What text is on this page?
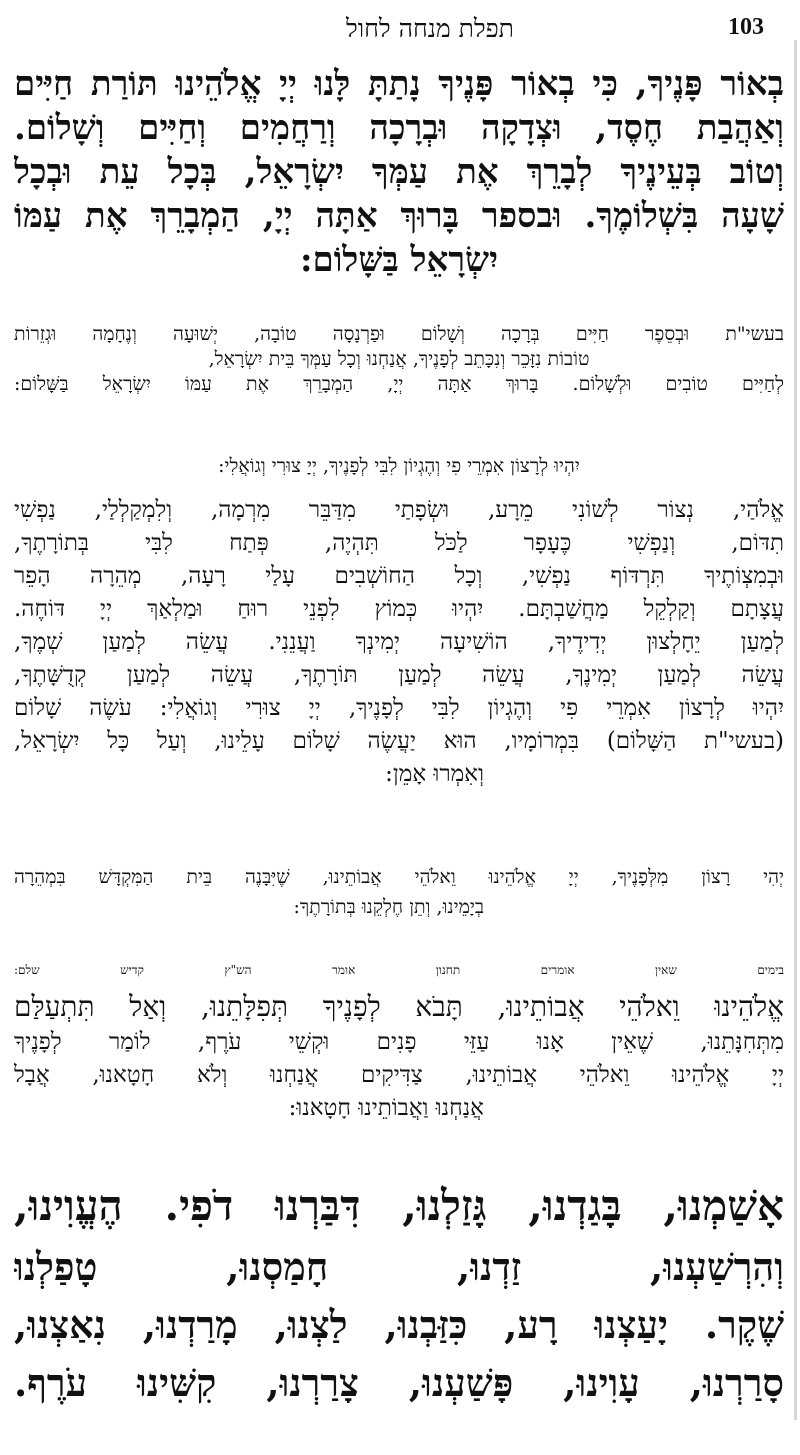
103
תפלת מנחה לחול
בְאוֹר פָּנֶיךָ, כִּי בְאוֹר פָּנֶיךָ נָתַתָּ לָּנוּ יְיָ אֱלֹהֵינוּ תּוֹרַת חַיִּים
וְאַהֲבַת חֶסֶד, וּצְדָקָה וּבְרָכָה וְרַחֲמִים וְחַיִּים וְשָׁלוֹם.
וְטוֹב בְּעֵינֶיךָ לְבָרֵךְ אֶת עַמְּךָ יִשְׂרָאֵל, בְּכָל עֵת וּבְכָל
שָׁעָה בִּשְׁלוֹמֶךָ. וּבספר בָּרוּךְ אַתָּה יְיָ, הַמְבָרֵךְ אֶת עַמּוֹ
יִשְׂרָאֵל בַּשָּׁלוֹם:
בעשי"ת וּבְסֵפֶר חַיִּים בְּרָכָה וְשָׁלוֹם וּפַרְנָסָה טוֹבָה, יְשׁוּעָה וְנֶחָמָה וּגְזֵרוֹת
טוֹבוֹת נִזָּכֵר וְנִכָּתֵב לְפָנֶיךָ, אֲנַחְנוּ וְכָל עַמְּךָ בֵּית יִשְׂרָאֵל,
לְחַיִּים טוֹבִים וּלְשָׁלוֹם. בָּרוּךְ אַתָּה יְיָ, הַמְבָרֵךְ אֶת עַמּוֹ יִשְׂרָאֵל בַּשָּׁלוֹם:
יִהְיוּ לְרָצוֹן אִמְרֵי פִי וְהֶגְיוֹן לִבִּי לְפָנֶיךָ, יְיָ צוּרִי וְגוֹאֲלִי:
אֱלֹהַי, נְצוֹר לְשׁוֹנִי מֵרָע, וּשְׂפָתַי מִדַּבֵּר מִרְמָה, וְלִמְקַלְלַי, נַפְשִׁי
תִדּוֹם, וְנַפְשִׁי כֶּעָפָר לַכֹּל תִּהְיֶה, פְּתַח לִבִּי בְּתוֹרָתֶךָ,
וּבְמִצְוֹתֶיךָ תִּרְדּוֹף נַפְשִׁי, וְכָל הַחוֹשְׁבִים עָלַי רָעָה, מְהֵרָה הָפֵר
עֲצָתָם וְקַלְקֵל מַחֲשַׁבְתָּם. יִהְיוּ כְּמוֹץ לִפְנֵי רוּחַ וּמַלְאַךְ יְיָ דּוֹחֶה.
לְמַעַן יֵחָלְצוּן יְדִידֶיךָ, הוֹשִׁיעָה יְמִינְךָ וַעֲנֵנִי. עֲשֵׂה לְמַעַן שְׁמֶךָ,
עֲשֵׂה לְמַעַן יְמִינֶךָ, עֲשֵׂה לְמַעַן תּוֹרָתֶךָ, עֲשֵׂה לְמַעַן קְדֻשָּׁתֶךָ,
יִהְיוּ לְרָצוֹן אִמְרֵי פִי וְהֶגְיוֹן לִבִּי לְפָנֶיךָ, יְיָ צוּרִי וְגוֹאֲלִי: עֹשֶׂה שָׁלוֹם
(בעשי"ת הַשָּׁלוֹם) בִּמְרוֹמָיו, הוּא יַעֲשֶׂה שָׁלוֹם עָלֵינוּ, וְעַל כָּל יִשְׂרָאֵל,
וְאִמְרוּ אָמֵן:
יְהִי רָצוֹן מִלְּפָנֶיךָ, יְיָ אֱלֹהֵינוּ וֵאלֹהֵי אֲבוֹתֵינוּ, שֶׁיִּבָּנֶה בֵּית הַמִּקְדָּשׁ בִּמְהֵרָה
בְיָמֵינוּ, וְתֵן חֶלְקֵנוּ בְּתוֹרָתֶךָ:
בימים שאין אומרים תחנון אומר הש"ץ קדיש שלם:
אֱלֹהֵינוּ וֵאלֹהֵי אֲבוֹתֵינוּ, תָּבֹא לְפָנֶיךָ תְּפִלָּתֵנוּ, וְאַל תִּתְעַלַּם
מִתְּחִנָּתֵנוּ, שֶׁאֵין אָנוּ עַזֵּי פָנִים וּקְשֵׁי עֹרֶף, לוֹמַר לְפָנֶיךָ
יְיָ אֱלֹהֵינוּ וֵאלֹהֵי אֲבוֹתֵינוּ, צַדִּיקִים אֲנַחְנוּ וְלֹא חָטָאנוּ, אֲבָל
אֲנַחְנוּ וַאֲבוֹתֵינוּ חָטָאנוּ:
אָשַׁמְנוּ, בָּגַדְנוּ, גָּזַלְנוּ, דִּבַּרְנוּ דֹפִי. הֶעֱוִינוּ,
וְהִרְשַׁעְנוּ, זַדְנוּ, חָמַסְנוּ, טָפַלְנוּ
שֶׁקֶר. יָעַצְנוּ רָע, כִּזַּבְנוּ, לַצְנוּ, מָרַדְנוּ, נִאַצְנוּ,
סָרַרְנוּ, עָוִינוּ, פָּשַׁעְנוּ, צָרַרְנוּ, קִשִּׁינוּ עֹרֶף.
